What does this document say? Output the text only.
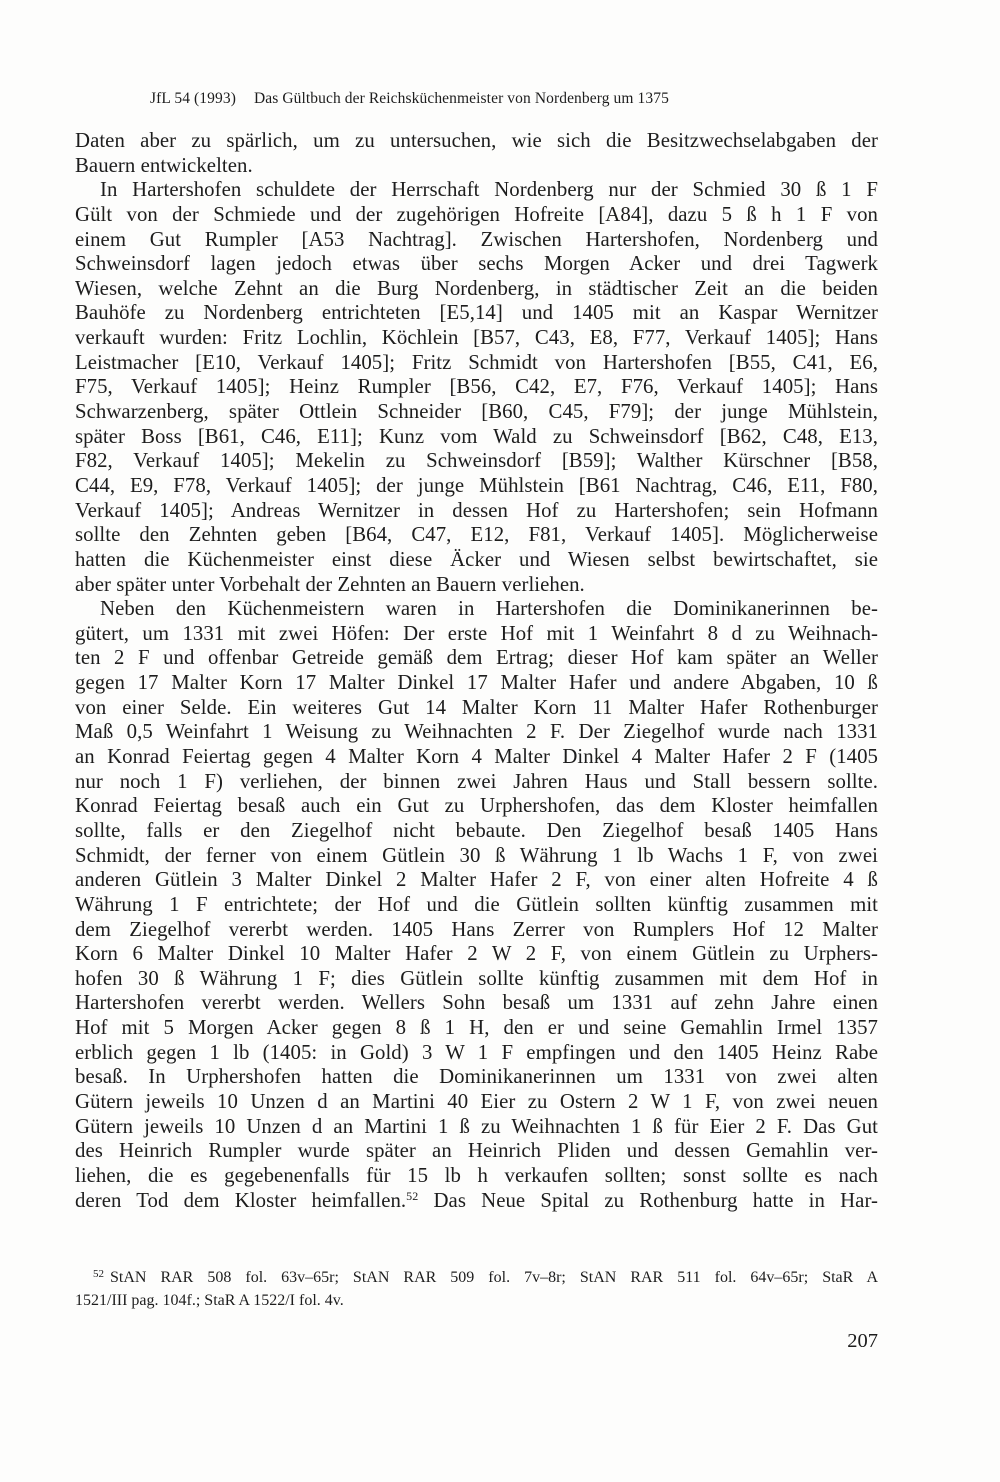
JfL 54 (1993) Das Gültbuch der Reichsküchenmeister von Nordenberg um 1375
Daten aber zu spärlich, um zu untersuchen, wie sich die Besitzwechselabgaben der
Bauern entwickelten.
In Hartershofen schuldete der Herrschaft Nordenberg nur der Schmied 30 ß 1 F
Gült von der Schmiede und der zugehörigen Hofreite [A84], dazu 5 ß h 1 F von
einem Gut Rumpler [A53 Nachtrag]. Zwischen Hartershofen, Nordenberg und
Schweinsdorf lagen jedoch etwas über sechs Morgen Acker und drei Tagwerk
Wiesen, welche Zehnt an die Burg Nordenberg, in städtischer Zeit an die beiden
Bauhöfe zu Nordenberg entrichteten [E5,14] und 1405 mit an Kaspar Wernitzer
verkauft wurden: Fritz Lochlin, Köchlein [B57, C43, E8, F77, Verkauf 1405]; Hans
Leistmacher [E10, Verkauf 1405]; Fritz Schmidt von Hartershofen [B55, C41, E6,
F75, Verkauf 1405]; Heinz Rumpler [B56, C42, E7, F76, Verkauf 1405]; Hans
Schwarzenberg, später Ottlein Schneider [B60, C45, F79]; der junge Mühlstein,
später Boss [B61, C46, E11]; Kunz vom Wald zu Schweinsdorf [B62, C48, E13,
F82, Verkauf 1405]; Mekelin zu Schweinsdorf [B59]; Walther Kürschner [B58,
C44, E9, F78, Verkauf 1405]; der junge Mühlstein [B61 Nachtrag, C46, E11, F80,
Verkauf 1405]; Andreas Wernitzer in dessen Hof zu Hartershofen; sein Hofmann
sollte den Zehnten geben [B64, C47, E12, F81, Verkauf 1405]. Möglicherweise
hatten die Küchenmeister einst diese Äcker und Wiesen selbst bewirtschaftet, sie
aber später unter Vorbehalt der Zehnten an Bauern verliehen.
Neben den Küchenmeistern waren in Hartershofen die Dominikanerinnen be-
gütert, um 1331 mit zwei Höfen: Der erste Hof mit 1 Weinfahrt 8 d zu Weihnach-
ten 2 F und offenbar Getreide gemäß dem Ertrag; dieser Hof kam später an Weller
gegen 17 Malter Korn 17 Malter Dinkel 17 Malter Hafer und andere Abgaben, 10 ß
von einer Selde. Ein weiteres Gut 14 Malter Korn 11 Malter Hafer Rothenburger
Maß 0,5 Weinfahrt 1 Weisung zu Weihnachten 2 F. Der Ziegelhof wurde nach 1331
an Konrad Feiertag gegen 4 Malter Korn 4 Malter Dinkel 4 Malter Hafer 2 F (1405
nur noch 1 F) verliehen, der binnen zwei Jahren Haus und Stall bessern sollte.
Konrad Feiertag besaß auch ein Gut zu Urphershofen, das dem Kloster heimfallen
sollte, falls er den Ziegelhof nicht bebaute. Den Ziegelhof besaß 1405 Hans
Schmidt, der ferner von einem Gütlein 30 ß Währung 1 lb Wachs 1 F, von zwei
anderen Gütlein 3 Malter Dinkel 2 Malter Hafer 2 F, von einer alten Hofreite 4 ß
Währung 1 F entrichtete; der Hof und die Gütlein sollten künftig zusammen mit
dem Ziegelhof vererbt werden. 1405 Hans Zerrer von Rumplers Hof 12 Malter
Korn 6 Malter Dinkel 10 Malter Hafer 2 W 2 F, von einem Gütlein zu Urphers-
hofen 30 ß Währung 1 F; dies Gütlein sollte künftig zusammen mit dem Hof in
Hartershofen vererbt werden. Wellers Sohn besaß um 1331 auf zehn Jahre einen
Hof mit 5 Morgen Acker gegen 8 ß 1 H, den er und seine Gemahlin Irmel 1357
erblich gegen 1 lb (1405: in Gold) 3 W 1 F empfingen und den 1405 Heinz Rabe
besaß. In Urphershofen hatten die Dominikanerinnen um 1331 von zwei alten
Gütern jeweils 10 Unzen d an Martini 40 Eier zu Ostern 2 W 1 F, von zwei neuen
Gütern jeweils 10 Unzen d an Martini 1 ß zu Weihnachten 1 ß für Eier 2 F. Das Gut
des Heinrich Rumpler wurde später an Heinrich Pliden und dessen Gemahlin ver-
liehen, die es gegebenenfalls für 15 lb h verkaufen sollten; sonst sollte es nach
deren Tod dem Kloster heimfallen.$^{52}$ Das Neue Spital zu Rothenburg hatte in Har-
$^{52}$ StAN RAR 508 fol. 63v–65r; StAN RAR 509 fol. 7v–8r; StAN RAR 511 fol. 64v–65r; StaR A
1521/III pag. 104f.; StaR A 1522/I fol. 4v.
207
